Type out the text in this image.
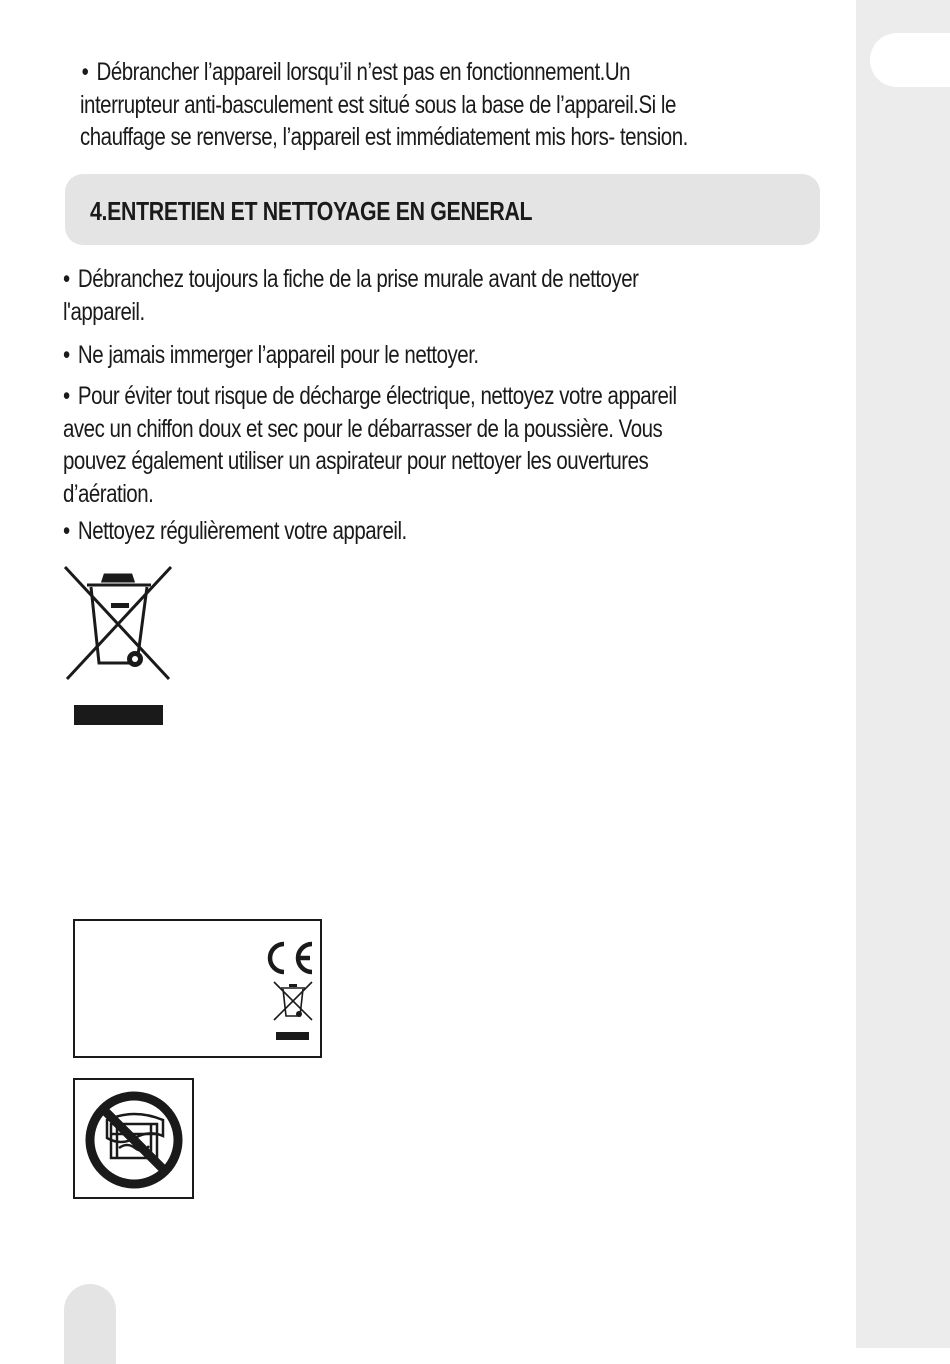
• Débrancher l’appareil lorsqu’il n’est pas en fonctionnement.Un
interrupteur anti-basculement est situé sous la base de l’appareil.Si le
chauffage se renverse, l’appareil est immédiatement mis hors- tension.

4.ENTRETIEN ET NETTOYAGE EN GENERAL

• Débranchez toujours la fiche de la prise murale avant de nettoyer
l'appareil.

• Ne jamais immerger l’appareil pour le nettoyer.

• Pour éviter tout risque de décharge électrique, nettoyez votre appareil
avec un chiffon doux et sec pour le débarrasser de la poussière. Vous
pouvez également utiliser un aspirateur pour nettoyer les ouvertures
d’aération.

• Nettoyez régulièrement votre appareil.
